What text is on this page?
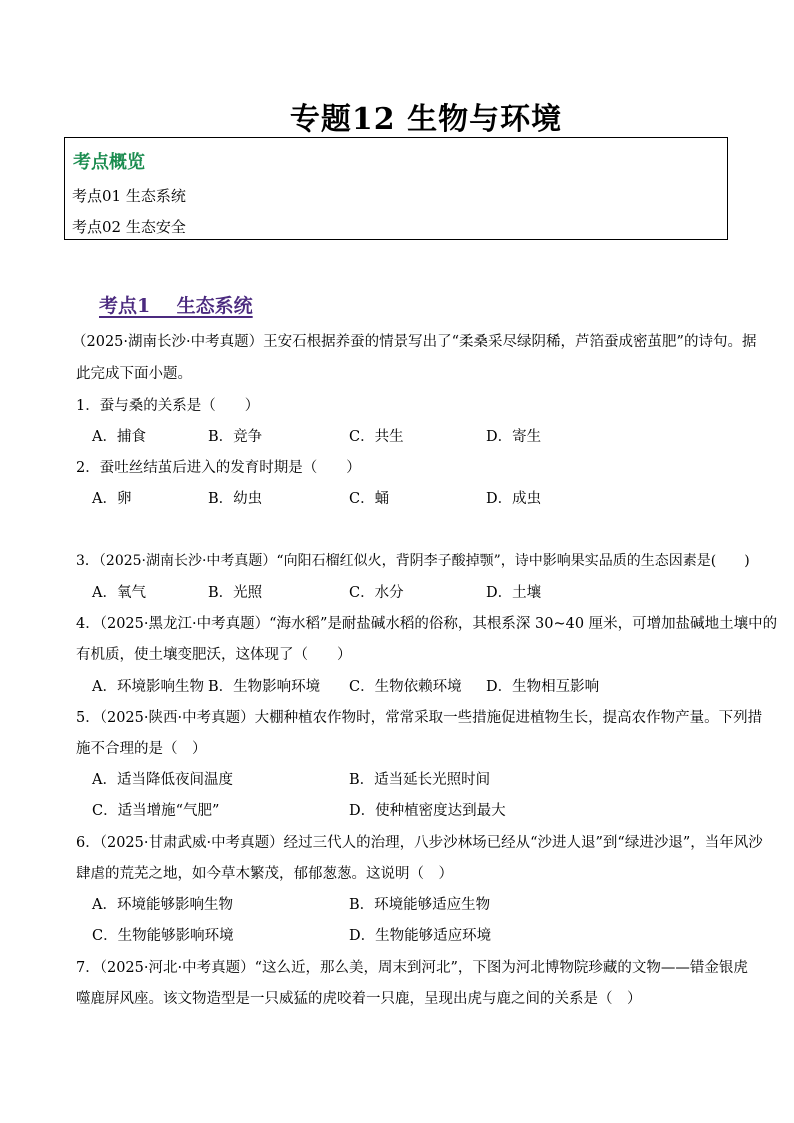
专题12 生物与环境
考点概览
考点01 生态系统
考点02 生态安全
考点1    生态系统
（2025·湖南长沙·中考真题）王安石根据养蚕的情景写出了“柔桑采尽绿阴稀，芦箔蚕成密茧肥”的诗句。据
此完成下面小题。
1．蚕与桑的关系是（　　）
A．捕食	B．竞争	C．共生	D．寄生
2．蚕吐丝结茧后进入的发育时期是（　　）
A．卵	B．幼虫	C．蛹	D．成虫
3．（2025·湖南长沙·中考真题）“向阳石榴红似火，背阴李子酸掉颚”，诗中影响果实品质的生态因素是(　　)
A．氧气	B．光照	C．水分	D．土壤
4．（2025·黑龙江·中考真题）“海水稻”是耐盐碱水稻的俗称，其根系深 30~40 厘米，可增加盐碱地土壤中的
有机质，使土壤变肥沃，这体现了（　　）
A．环境影响生物 B．生物影响环境 C．生物依赖环境 D．生物相互影响
5．（2025·陕西·中考真题）大棚种植农作物时，常常采取一些措施促进植物生长，提高农作物产量。下列措
施不合理的是（　）
A．适当降低夜间温度	B．适当延长光照时间
C．适当增施“气肥”	D．使种植密度达到最大
6．（2025·甘肃武威·中考真题）经过三代人的治理，八步沙林场已经从“沙进人退”到“绿进沙退”，当年风沙
肆虐的荒芜之地，如今草木繁茂，郁郁葱葱。这说明（　）
A．环境能够影响生物	B．环境能够适应生物
C．生物能够影响环境	D．生物能够适应环境
7．（2025·河北·中考真题）“这么近，那么美，周末到河北”，下图为河北博物院珍藏的文物——错金银虎
噬鹿屏风座。该文物造型是一只威猛的虎咬着一只鹿，呈现出虎与鹿之间的关系是（　）
